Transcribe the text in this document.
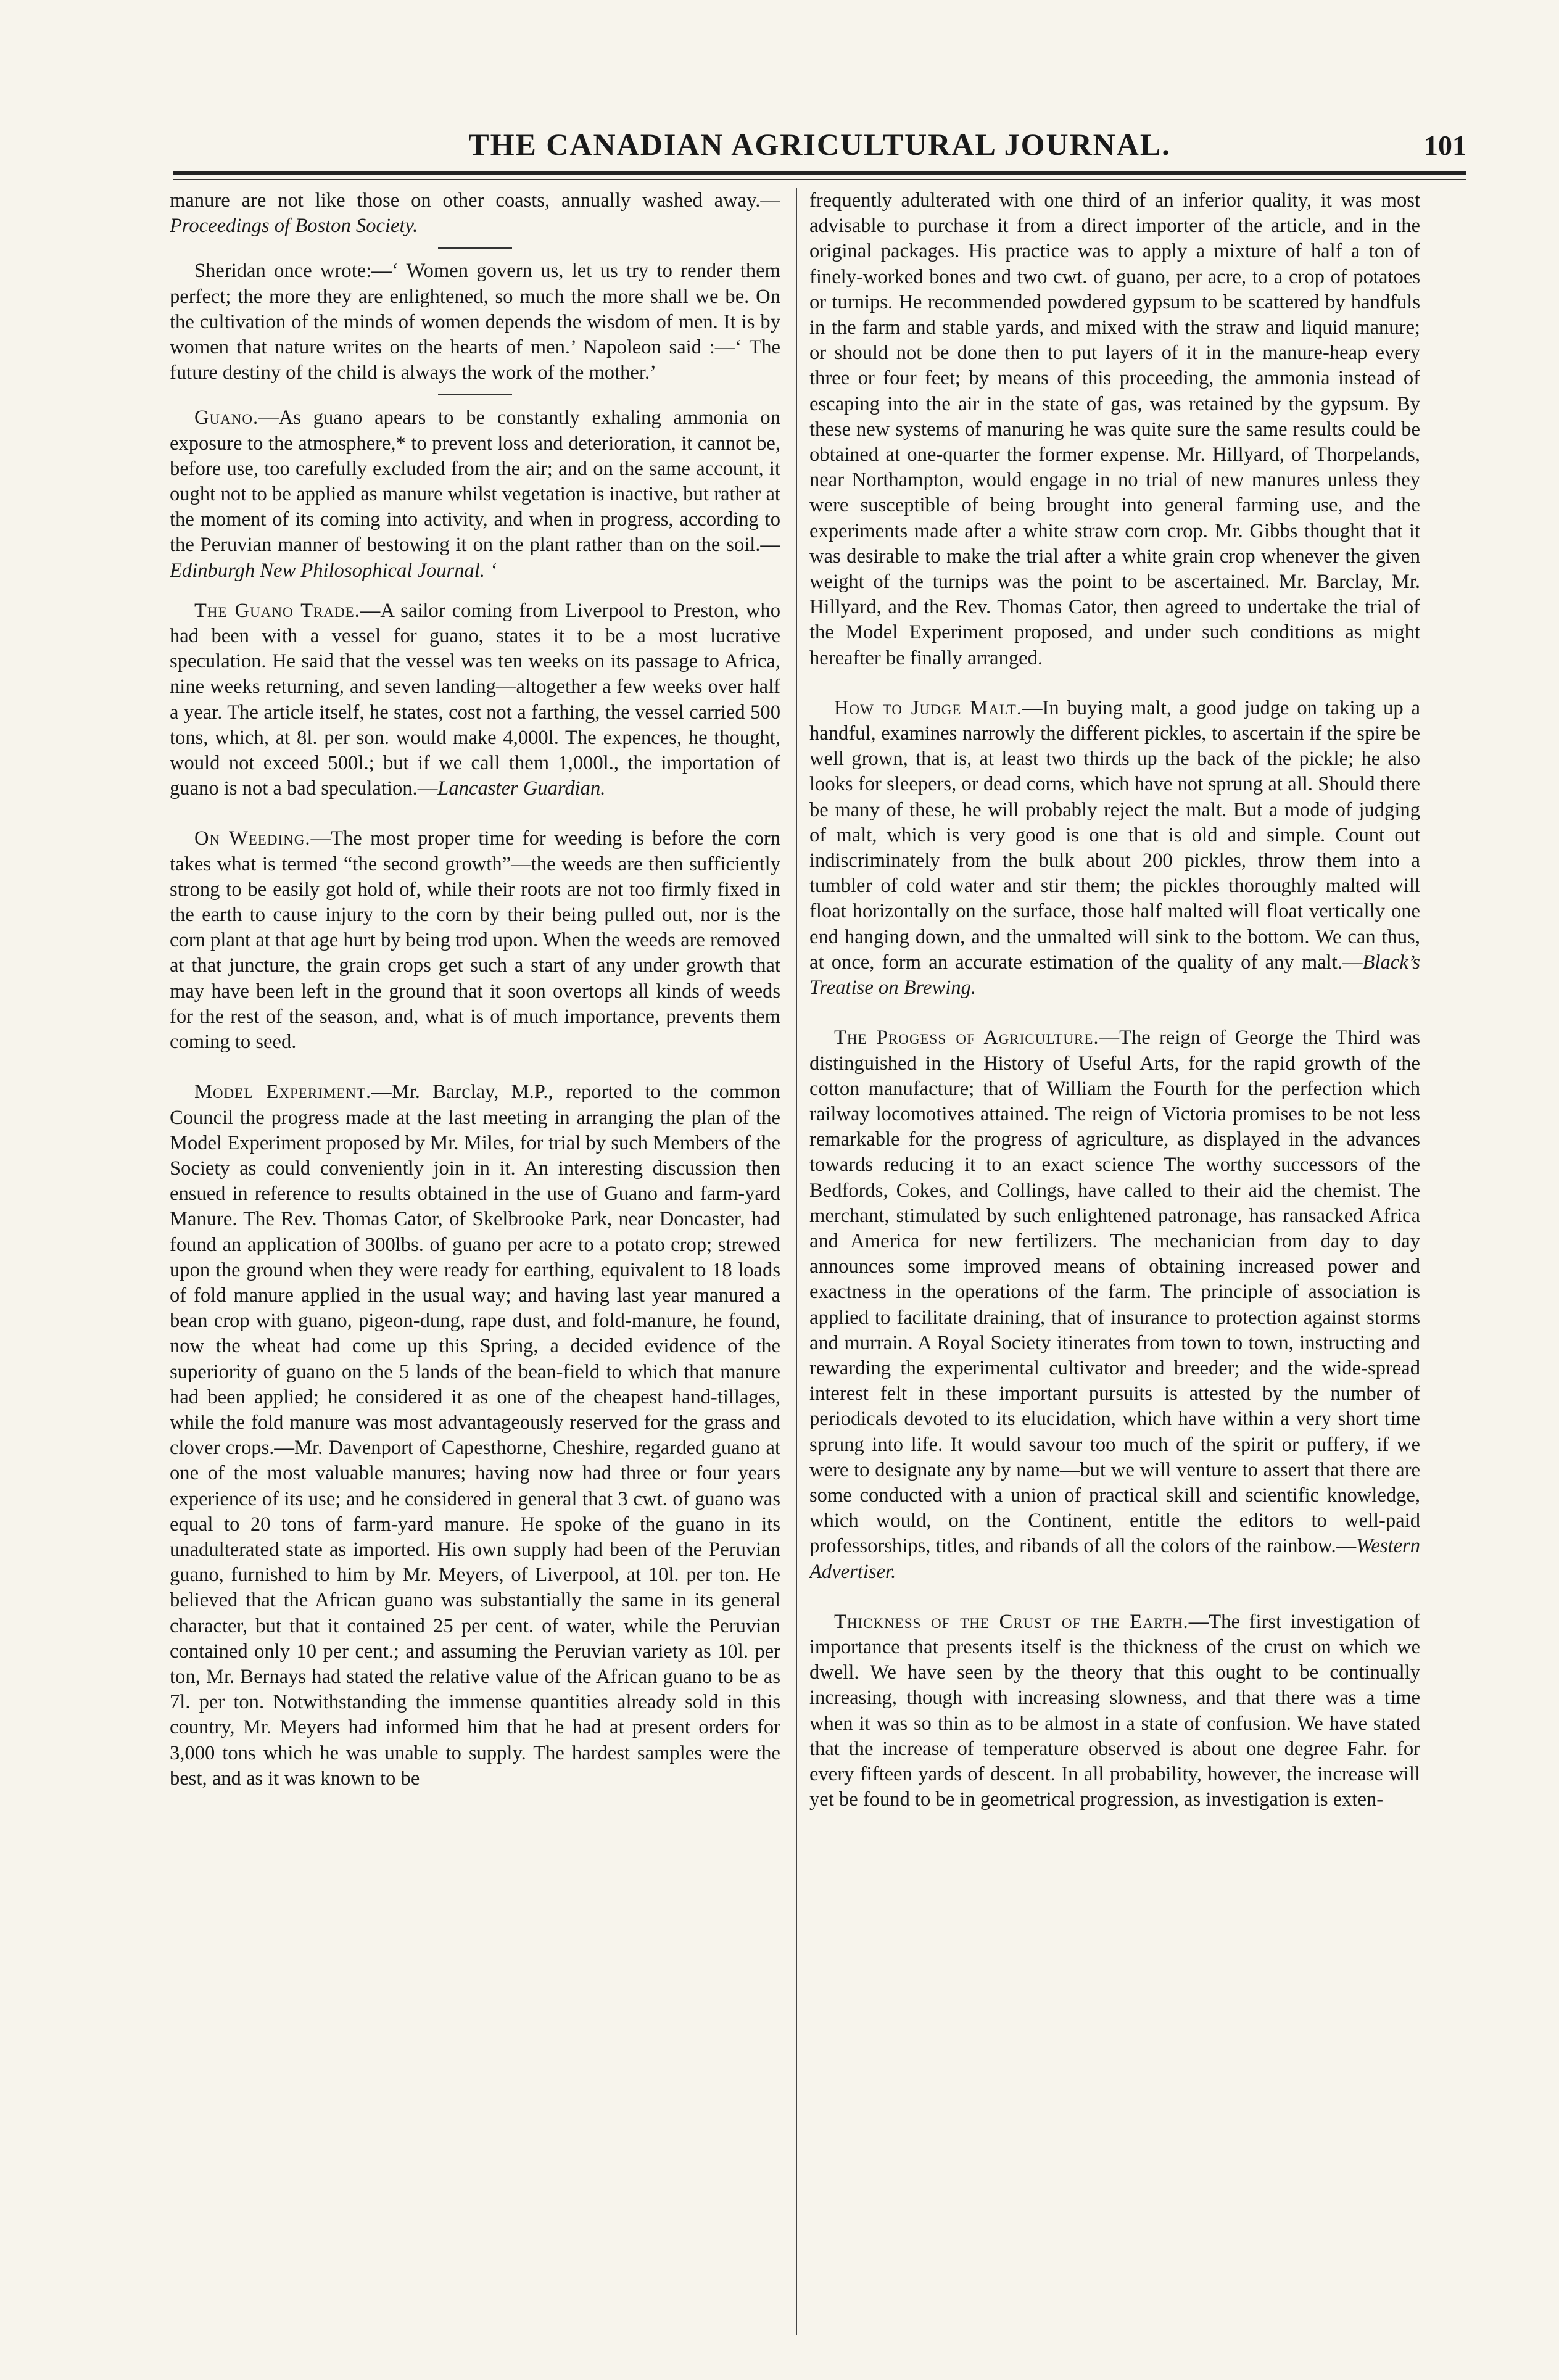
THE CANADIAN AGRICULTURAL JOURNAL.	101

manure are not like those on other coasts, annually washed away.—Proceedings of Boston Society.

Sheridan once wrote:—‘ Women govern us, let us try to render them perfect; the more they are enlightened, so much the more shall we be. On the cultivation of the minds of women depends the wisdom of men. It is by women that nature writes on the hearts of men.’ Napoleon said :—‘ The future destiny of the child is always the work of the mother.’

Guano.—As guano apears to be constantly exhaling ammonia on exposure to the atmosphere,* to prevent loss and deterioration, it cannot be, before use, too carefully excluded from the air; and on the same account, it ought not to be applied as manure whilst vegetation is inactive, but rather at the moment of its coming into activity, and when in progress, according to the Peruvian manner of bestowing it on the plant rather than on the soil.—Edinburgh New Philosophical Journal. ‘

The Guano Trade.—A sailor coming from Liverpool to Preston, who had been with a vessel for guano, states it to be a most lucrative speculation. He said that the vessel was ten weeks on its passage to Africa, nine weeks returning, and seven landing—altogether a few weeks over half a year. The article itself, he states, cost not a farthing, the vessel carried 500 tons, which, at 8l. per son. would make 4,000l. The expences, he thought, would not exceed 500l.; but if we call them 1,000l., the importation of guano is not a bad speculation.—Lancaster Guardian.

On Weeding.—The most proper time for weeding is before the corn takes what is termed “the second growth”—the weeds are then sufficiently strong to be easily got hold of, while their roots are not too firmly fixed in the earth to cause injury to the corn by their being pulled out, nor is the corn plant at that age hurt by being trod upon. When the weeds are removed at that juncture, the grain crops get such a start of any under growth that may have been left in the ground that it soon overtops all kinds of weeds for the rest of the season, and, what is of much importance, prevents them coming to seed.

Model Experiment.—Mr. Barclay, M.P., reported to the common Council the progress made at the last meeting in arranging the plan of the Model Experiment proposed by Mr. Miles, for trial by such Members of the Society as could conveniently join in it. An interesting discussion then ensued in reference to results obtained in the use of Guano and farm-yard Manure. The Rev. Thomas Cator, of Skelbrooke Park, near Doncaster, had found an application of 300lbs. of guano per acre to a potato crop; strewed upon the ground when they were ready for earthing, equivalent to 18 loads of fold manure applied in the usual way; and having last year manured a bean crop with guano, pigeon-dung, rape dust, and fold-manure, he found, now the wheat had come up this Spring, a decided evidence of the superiority of guano on the 5 lands of the bean-field to which that manure had been applied; he considered it as one of the cheapest hand-tillages, while the fold manure was most advantageously reserved for the grass and clover crops.—Mr. Davenport of Capesthorne, Cheshire, regarded guano at one of the most valuable manures; having now had three or four years experience of its use; and he considered in general that 3 cwt. of guano was equal to 20 tons of farm-yard manure. He spoke of the guano in its unadulterated state as imported. His own supply had been of the Peruvian guano, furnished to him by Mr. Meyers, of Liverpool, at 10l. per ton. He believed that the African guano was substantially the same in its general character, but that it contained 25 per cent. of water, while the Peruvian contained only 10 per cent.; and assuming the Peruvian variety as 10l. per ton, Mr. Bernays had stated the relative value of the African guano to be as 7l. per ton. Notwithstanding the immense quantities already sold in this country, Mr. Meyers had informed him that he had at present orders for 3,000 tons which he was unable to supply. The hardest samples were the best, and as it was known to be

frequently adulterated with one third of an inferior quality, it was most advisable to purchase it from a direct importer of the article, and in the original packages. His practice was to apply a mixture of half a ton of finely-worked bones and two cwt. of guano, per acre, to a crop of potatoes or turnips. He recommended powdered gypsum to be scattered by handfuls in the farm and stable yards, and mixed with the straw and liquid manure; or should not be done then to put layers of it in the manure-heap every three or four feet; by means of this proceeding, the ammonia instead of escaping into the air in the state of gas, was retained by the gypsum. By these new systems of manuring he was quite sure the same results could be obtained at one-quarter the former expense. Mr. Hillyard, of Thorpelands, near Northampton, would engage in no trial of new manures unless they were susceptible of being brought into general farming use, and the experiments made after a white straw corn crop. Mr. Gibbs thought that it was desirable to make the trial after a white grain crop whenever the given weight of the turnips was the point to be ascertained. Mr. Barclay, Mr. Hillyard, and the Rev. Thomas Cator, then agreed to undertake the trial of the Model Experiment proposed, and under such conditions as might hereafter be finally arranged.

How to Judge Malt.—In buying malt, a good judge on taking up a handful, examines narrowly the different pickles, to ascertain if the spire be well grown, that is, at least two thirds up the back of the pickle; he also looks for sleepers, or dead corns, which have not sprung at all. Should there be many of these, he will probably reject the malt. But a mode of judging of malt, which is very good is one that is old and simple. Count out indiscriminately from the bulk about 200 pickles, throw them into a tumbler of cold water and stir them; the pickles thoroughly malted will float horizontally on the surface, those half malted will float vertically one end hanging down, and the unmalted will sink to the bottom. We can thus, at once, form an accurate estimation of the quality of any malt.—Black’s Treatise on Brewing.

The Progess of Agriculture.—The reign of George the Third was distinguished in the History of Useful Arts, for the rapid growth of the cotton manufacture; that of William the Fourth for the perfection which railway locomotives attained. The reign of Victoria promises to be not less remarkable for the progress of agriculture, as displayed in the advances towards reducing it to an exact science The worthy successors of the Bedfords, Cokes, and Collings, have called to their aid the chemist. The merchant, stimulated by such enlightened patronage, has ransacked Africa and America for new fertilizers. The mechanician from day to day announces some improved means of obtaining increased power and exactness in the operations of the farm. The principle of association is applied to facilitate draining, that of insurance to protection against storms and murrain. A Royal Society itinerates from town to town, instructing and rewarding the experimental cultivator and breeder; and the wide-spread interest felt in these important pursuits is attested by the number of periodicals devoted to its elucidation, which have within a very short time sprung into life. It would savour too much of the spirit or puffery, if we were to designate any by name—but we will venture to assert that there are some conducted with a union of practical skill and scientific knowledge, which would, on the Continent, entitle the editors to well-paid professorships, titles, and ribands of all the colors of the rainbow.—Western Advertiser.

Thickness of the Crust of the Earth.—The first investigation of importance that presents itself is the thickness of the crust on which we dwell. We have seen by the theory that this ought to be continually increasing, though with increasing slowness, and that there was a time when it was so thin as to be almost in a state of confusion. We have stated that the increase of temperature observed is about one degree Fahr. for every fifteen yards of descent. In all probability, however, the increase will yet be found to be in geometrical progression, as investigation is exten-
